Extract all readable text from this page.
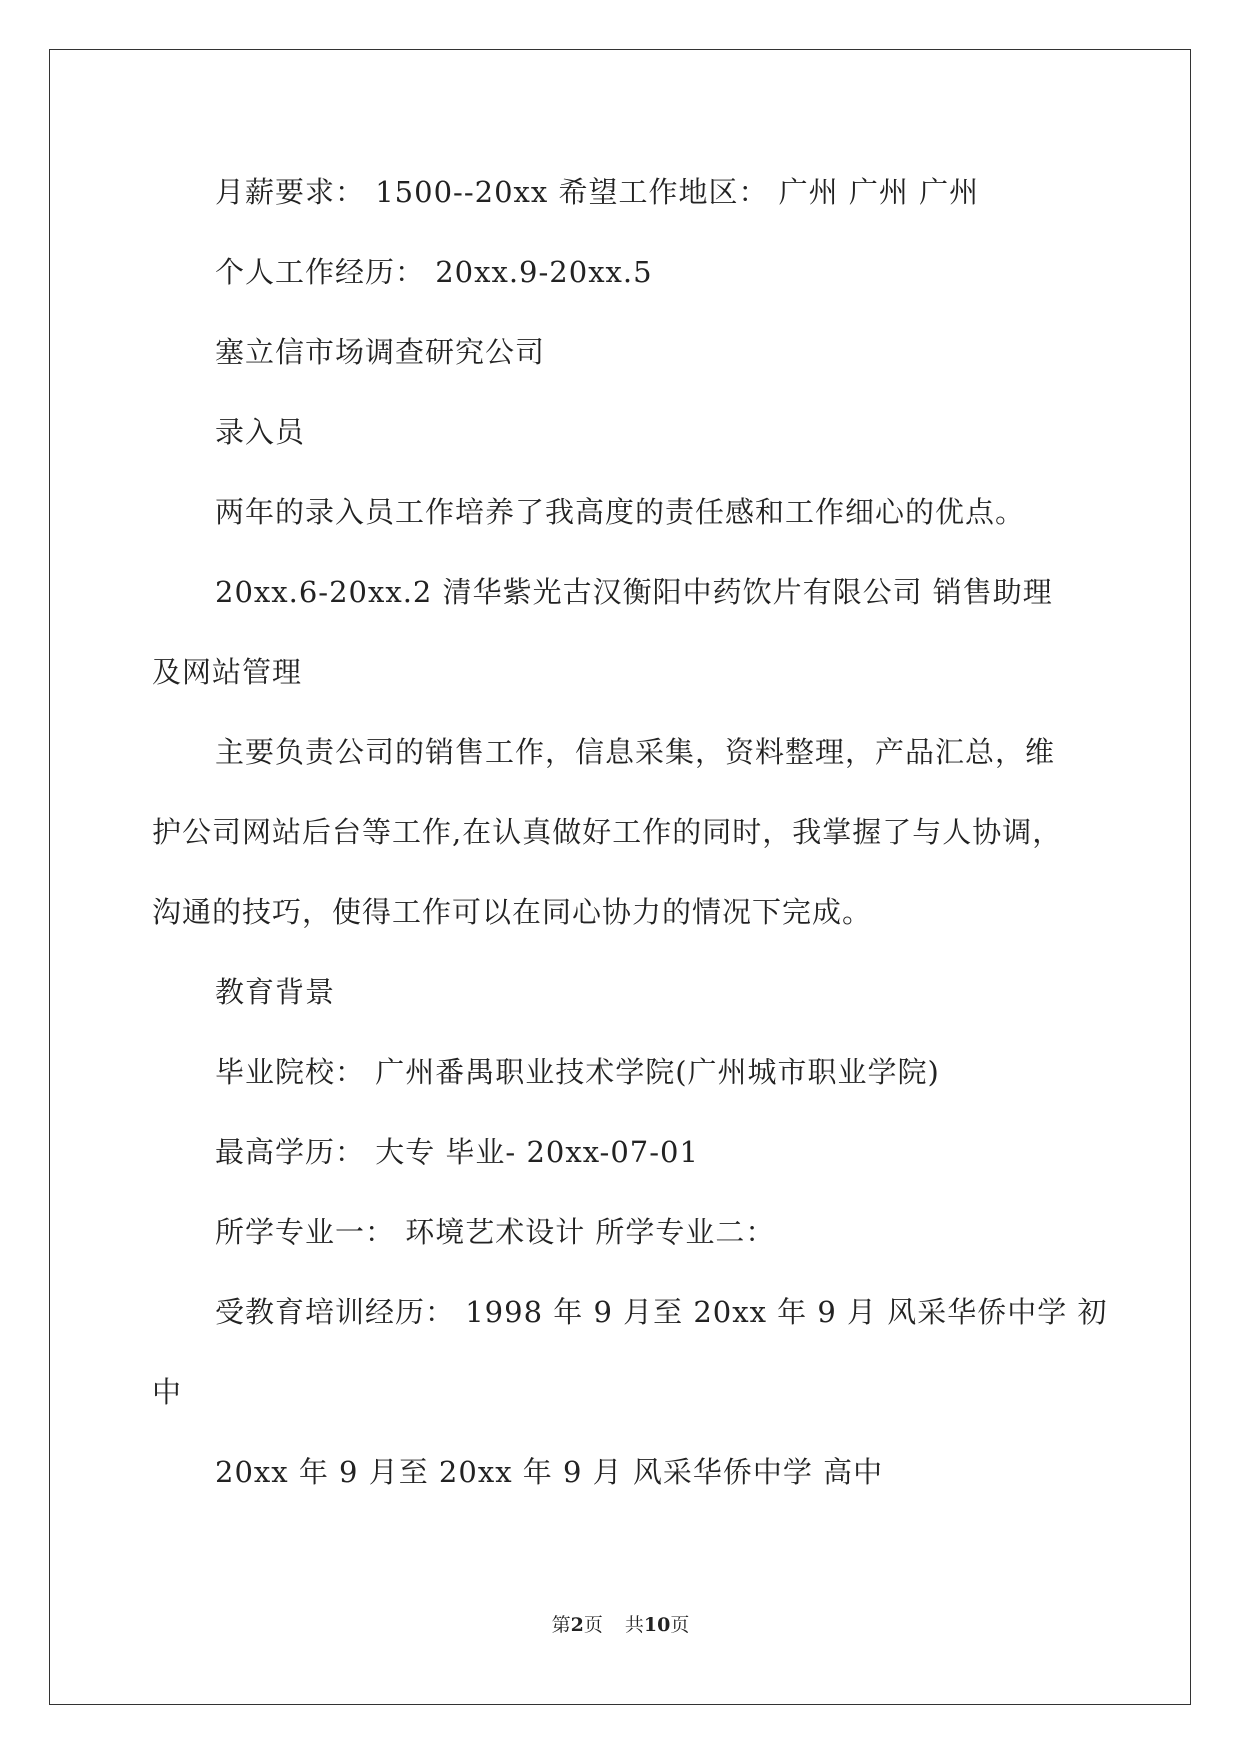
月薪要求： 1500--20xx 希望工作地区： 广州 广州 广州
个人工作经历： 20xx.9-20xx.5
塞立信市场调查研究公司
录入员
两年的录入员工作培养了我高度的责任感和工作细心的优点。
20xx.6-20xx.2 清华紫光古汉衡阳中药饮片有限公司 销售助理
及网站管理
主要负责公司的销售工作，信息采集，资料整理，产品汇总，维
护公司网站后台等工作,在认真做好工作的同时，我掌握了与人协调，
沟通的技巧，使得工作可以在同心协力的情况下完成。
教育背景
毕业院校： 广州番禺职业技术学院(广州城市职业学院)
最高学历： 大专 毕业- 20xx-07-01
所学专业一： 环境艺术设计 所学专业二：
受教育培训经历： 1998 年 9 月至 20xx 年 9 月 风采华侨中学 初
中
20xx 年 9 月至 20xx 年 9 月 风采华侨中学 高中
第2页 共10页
